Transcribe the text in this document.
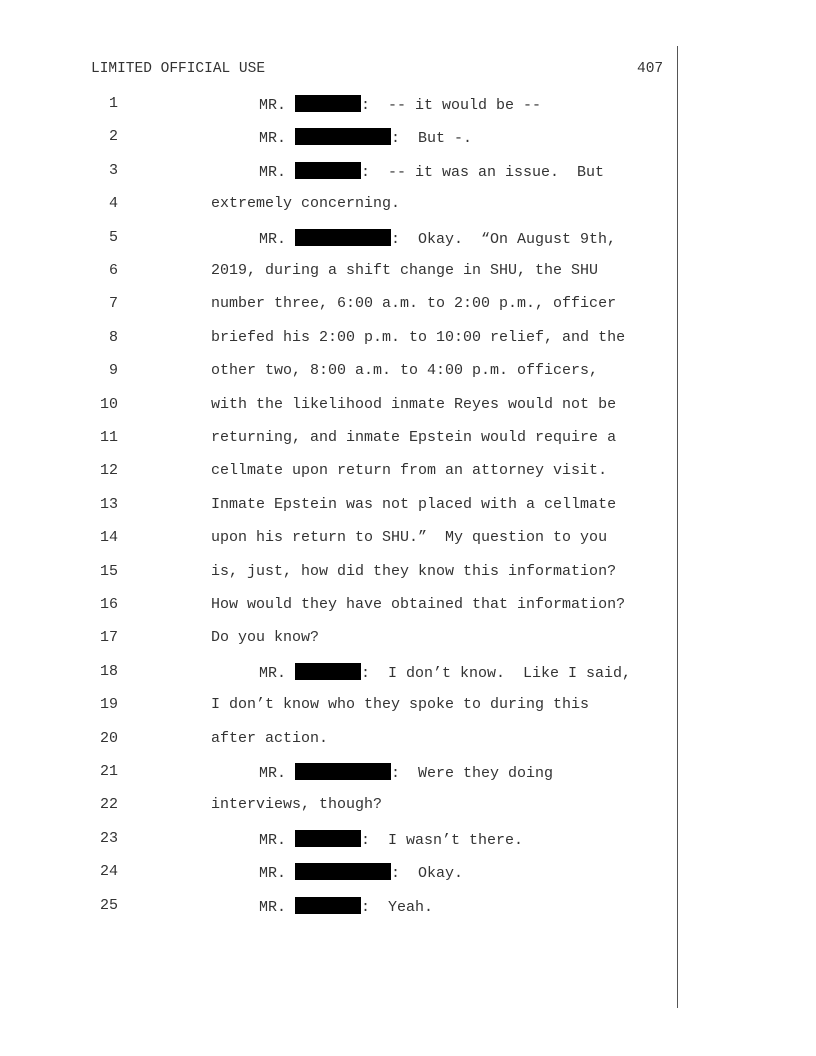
LIMITED OFFICIAL USE	407
1	MR.	:  -- it would be --
2	MR.	:  But -.
3	MR.	:  -- it was an issue.  But
4	extremely concerning.
5	MR.	:  Okay.  “On August 9th,
6	2019, during a shift change in SHU, the SHU
7	number three, 6:00 a.m. to 2:00 p.m., officer
8	briefed his 2:00 p.m. to 10:00 relief, and the
9	other two, 8:00 a.m. to 4:00 p.m. officers,
10	with the likelihood inmate Reyes would not be
11	returning, and inmate Epstein would require a
12	cellmate upon return from an attorney visit.
13	Inmate Epstein was not placed with a cellmate
14	upon his return to SHU.”  My question to you
15	is, just, how did they know this information?
16	How would they have obtained that information?
17	Do you know?
18	MR.	:  I don’t know.  Like I said,
19	I don’t know who they spoke to during this
20	after action.
21	MR.	:  Were they doing
22	interviews, though?
23	MR.	:  I wasn’t there.
24	MR.	:  Okay.
25	MR.	:  Yeah.
